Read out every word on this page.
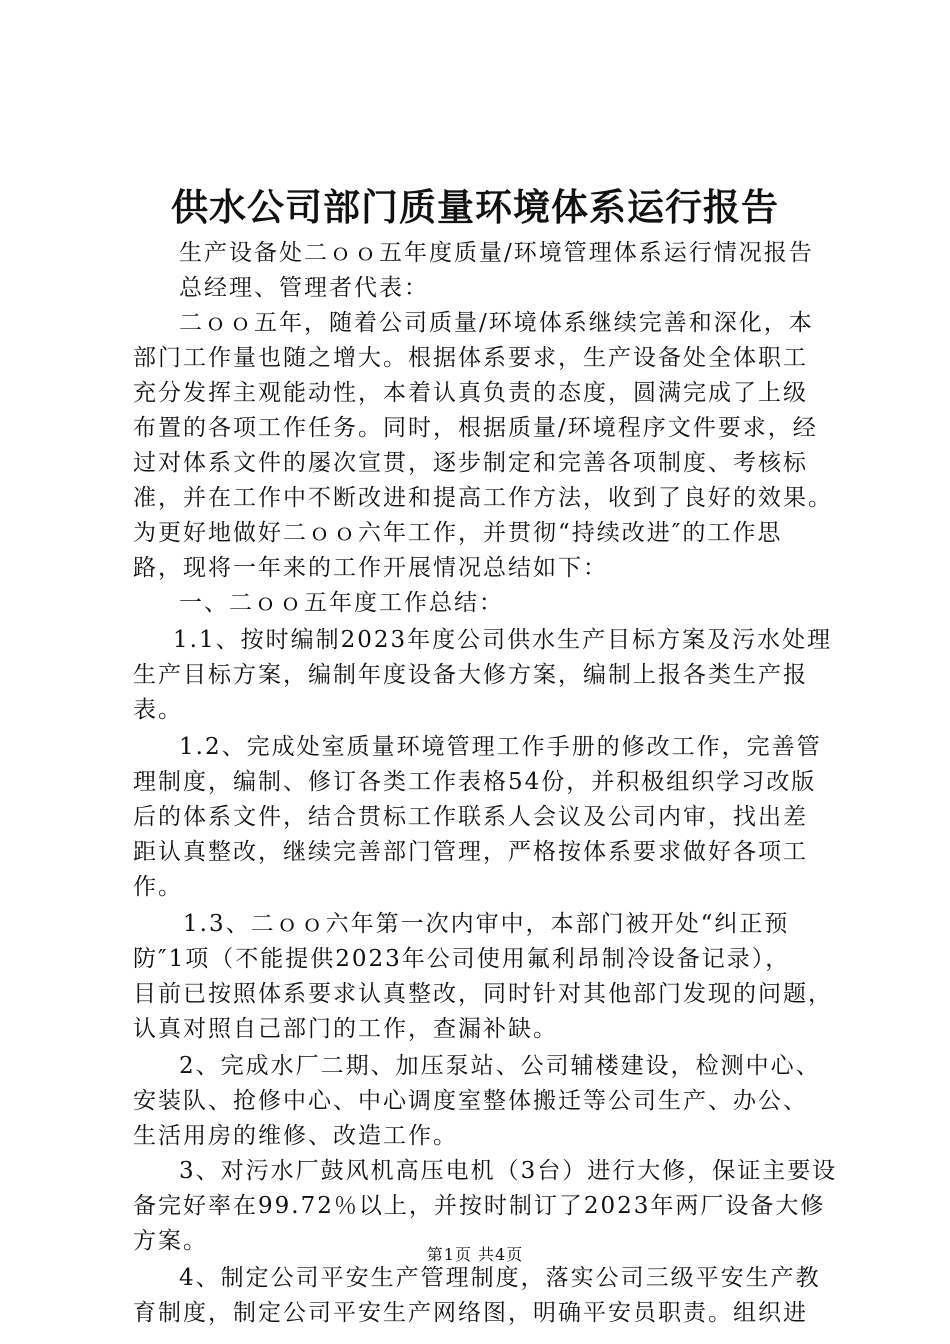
供水公司部门质量环境体系运行报告
生产设备处二ｏｏ五年度质量/环境管理体系运行情况报告
总经理、管理者代表：
二ｏｏ五年，随着公司质量/环境体系继续完善和深化，本
部门工作量也随之增大。根据体系要求，生产设备处全体职工
充分发挥主观能动性，本着认真负责的态度，圆满完成了上级
布置的各项工作任务。同时，根据质量/环境程序文件要求，经
过对体系文件的屡次宣贯，逐步制定和完善各项制度、考核标
准，并在工作中不断改进和提高工作方法，收到了良好的效果。
为更好地做好二ｏｏ六年工作，并贯彻“持续改进″的工作思
路，现将一年来的工作开展情况总结如下：
一、二ｏｏ五年度工作总结：
1.1、按时编制2023年度公司供水生产目标方案及污水处理
生产目标方案，编制年度设备大修方案，编制上报各类生产报
表。
1.2、完成处室质量环境管理工作手册的修改工作，完善管
理制度，编制、修订各类工作表格54份，并积极组织学习改版
后的体系文件，结合贯标工作联系人会议及公司内审，找出差
距认真整改，继续完善部门管理，严格按体系要求做好各项工
作。
1.3、二ｏｏ六年第一次内审中，本部门被开处“纠正预
防″1项（不能提供2023年公司使用氟利昂制冷设备记录），
目前已按照体系要求认真整改，同时针对其他部门发现的问题，
认真对照自己部门的工作，查漏补缺。
2、完成水厂二期、加压泵站、公司辅楼建设，检测中心、
安装队、抢修中心、中心调度室整体搬迁等公司生产、办公、
生活用房的维修、改造工作。
3、对污水厂鼓风机高压电机（3台）进行大修，保证主要设
备完好率在99.72％以上，并按时制订了2023年两厂设备大修
方案。
4、制定公司平安生产管理制度，落实公司三级平安生产教
育制度，制定公司平安生产网络图，明确平安员职责。组织进
第1页 共4页
